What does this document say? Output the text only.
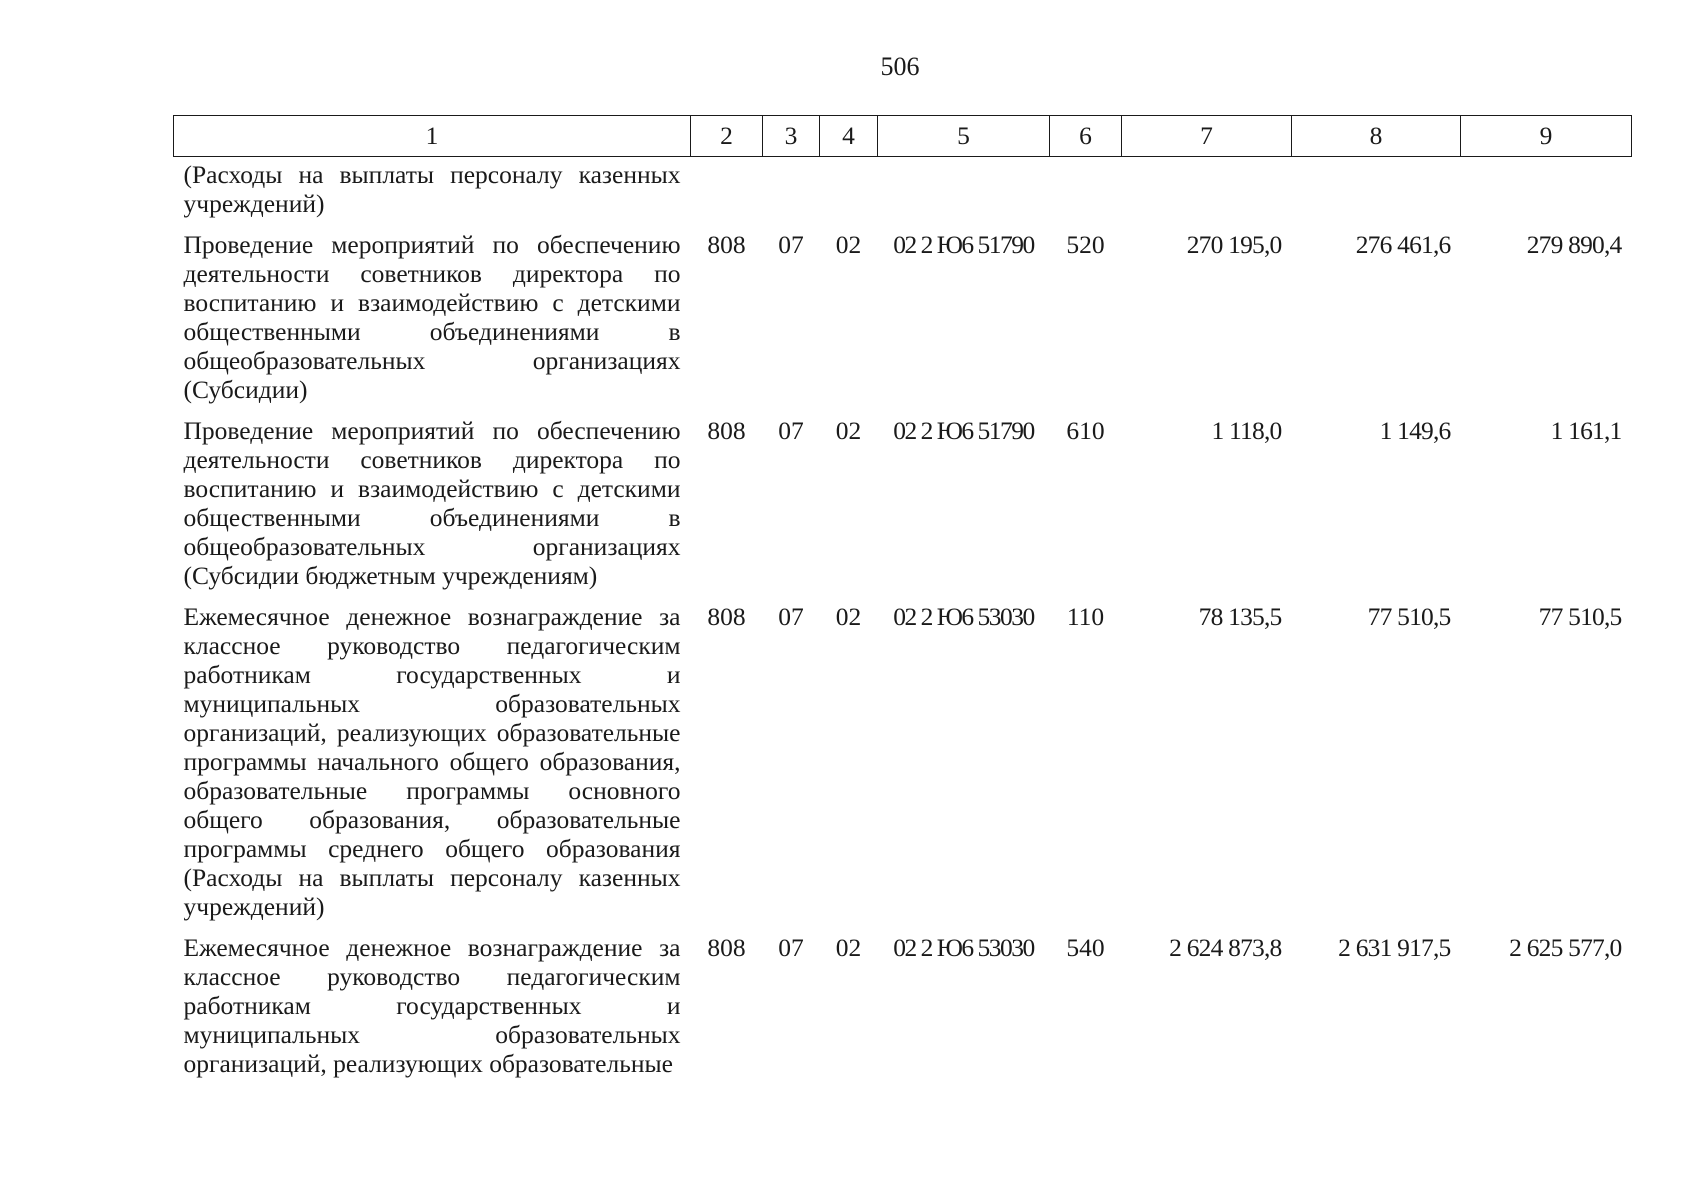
506
1	2	3	4	5	6	7	8	9
(Расходы на выплаты персоналу казенных учреждений)								
Проведение мероприятий по обеспечению деятельности советников директора по воспитанию и взаимодействию с детскими общественными объединениями в общеобразовательных организациях (Субсидии)	808	07	02	02 2 Ю6 51790	520	270 195,0	276 461,6	279 890,4
Проведение мероприятий по обеспечению деятельности советников директора по воспитанию и взаимодействию с детскими общественными объединениями в общеобразовательных организациях (Субсидии бюджетным учреждениям)	808	07	02	02 2 Ю6 51790	610	1 118,0	1 149,6	1 161,1
Ежемесячное денежное вознаграждение за классное руководство педагогическим работникам государственных и муниципальных образовательных организаций, реализующих образовательные программы начального общего образования, образовательные программы основного общего образования, образовательные программы среднего общего образования (Расходы на выплаты персоналу казенных учреждений)	808	07	02	02 2 Ю6 53030	110	78 135,5	77 510,5	77 510,5
Ежемесячное денежное вознаграждение за классное руководство педагогическим работникам государственных и муниципальных образовательных организаций, реализующих образовательные	808	07	02	02 2 Ю6 53030	540	2 624 873,8	2 631 917,5	2 625 577,0
